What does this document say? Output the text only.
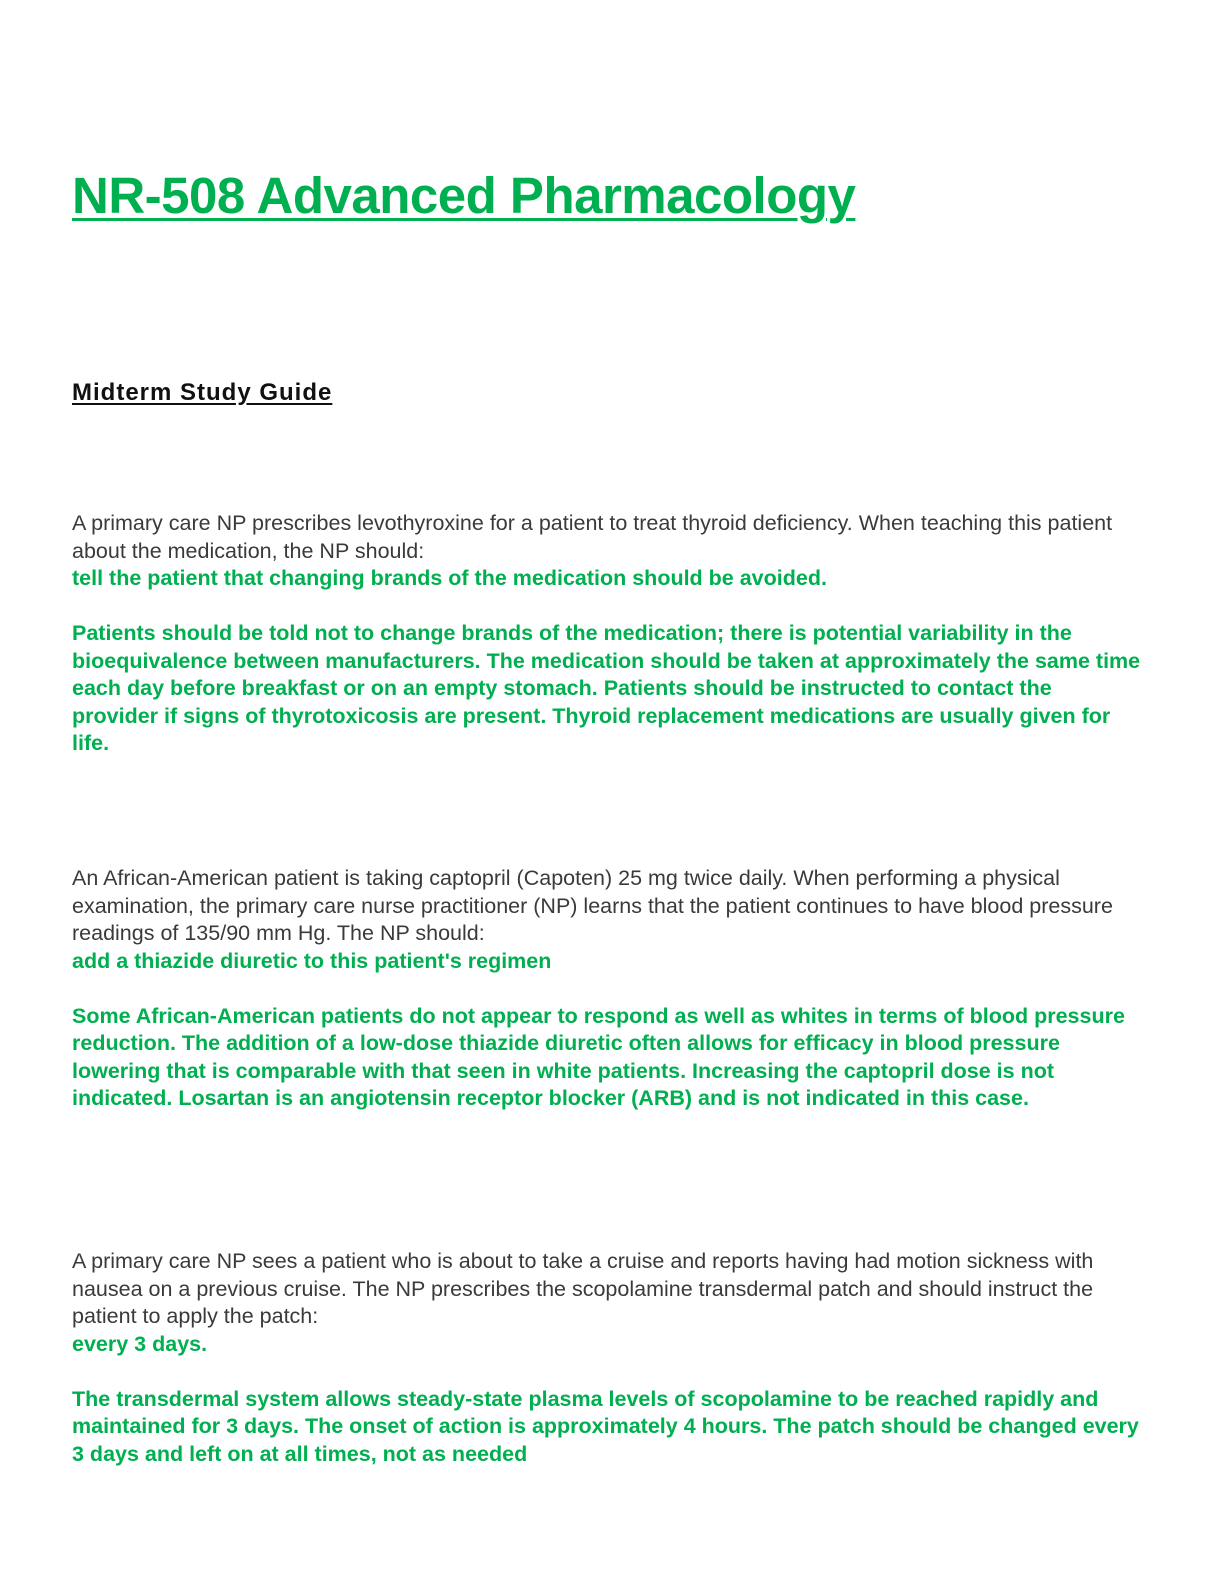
NR-508 Advanced Pharmacology
Midterm Study Guide

A primary care NP prescribes levothyroxine for a patient to treat thyroid deficiency. When teaching this patient about the medication, the NP should:

tell the patient that changing brands of the medication should be avoided.

Patients should be told not to change brands of the medication; there is potential variability in the bioequivalence between manufacturers. The medication should be taken at approximately the same time each day before breakfast or on an empty stomach. Patients should be instructed to contact the provider if signs of thyrotoxicosis are present. Thyroid replacement medications are usually given for life.

An African-American patient is taking captopril (Capoten) 25 mg twice daily. When performing a physical examination, the primary care nurse practitioner (NP) learns that the patient continues to have blood pressure readings of 135/90 mm Hg. The NP should:

add a thiazide diuretic to this patient's regimen

Some African-American patients do not appear to respond as well as whites in terms of blood pressure reduction. The addition of a low-dose thiazide diuretic often allows for efficacy in blood pressure lowering that is comparable with that seen in white patients. Increasing the captopril dose is not indicated. Losartan is an angiotensin receptor blocker (ARB) and is not indicated in this case.

A primary care NP sees a patient who is about to take a cruise and reports having had motion sickness with nausea on a previous cruise. The NP prescribes the scopolamine transdermal patch and should instruct the patient to apply the patch:

every 3 days.

The transdermal system allows steady-state plasma levels of scopolamine to be reached rapidly and maintained for 3 days. The onset of action is approximately 4 hours. The patch should be changed every 3 days and left on at all times, not as needed
